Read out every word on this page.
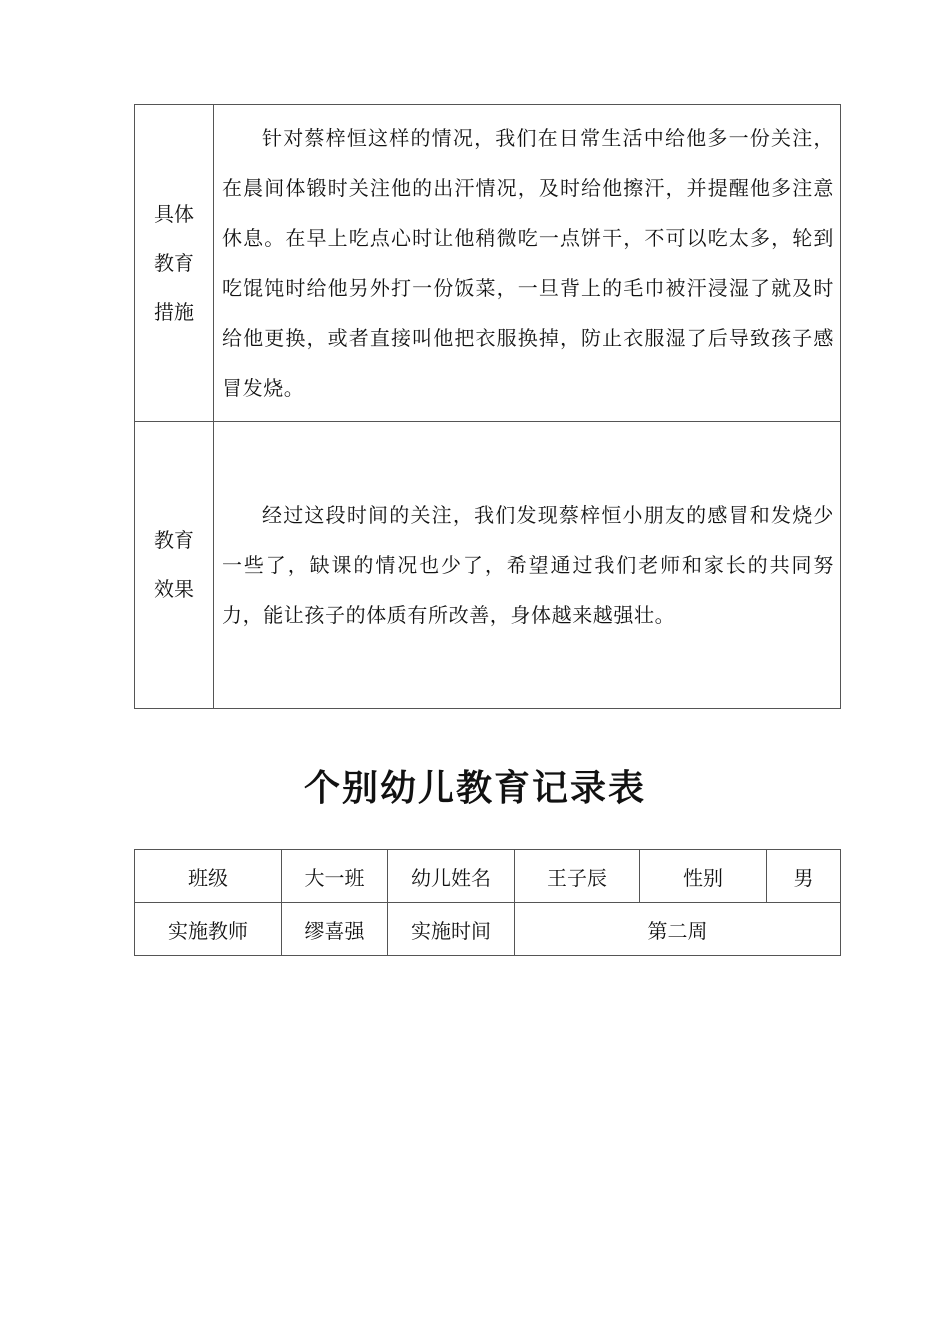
具体
教育
措施	针对蔡梓恒这样的情况，我们在日常生活中给他多一份关注，在晨间体锻时关注他的出汗情况，及时给他擦汗，并提醒他多注意休息。在早上吃点心时让他稍微吃一点饼干，不可以吃太多，轮到吃馄饨时给他另外打一份饭菜，一旦背上的毛巾被汗浸湿了就及时给他更换，或者直接叫他把衣服换掉，防止衣服湿了后导致孩子感冒发烧。

教育
效果	经过这段时间的关注，我们发现蔡梓恒小朋友的感冒和发烧少一些了，缺课的情况也少了，希望通过我们老师和家长的共同努力，能让孩子的体质有所改善，身体越来越强壮。

个别幼儿教育记录表
班级	大一班	幼儿姓名	王子辰	性别	男
实施教师	缪喜强	实施时间	第二周		
